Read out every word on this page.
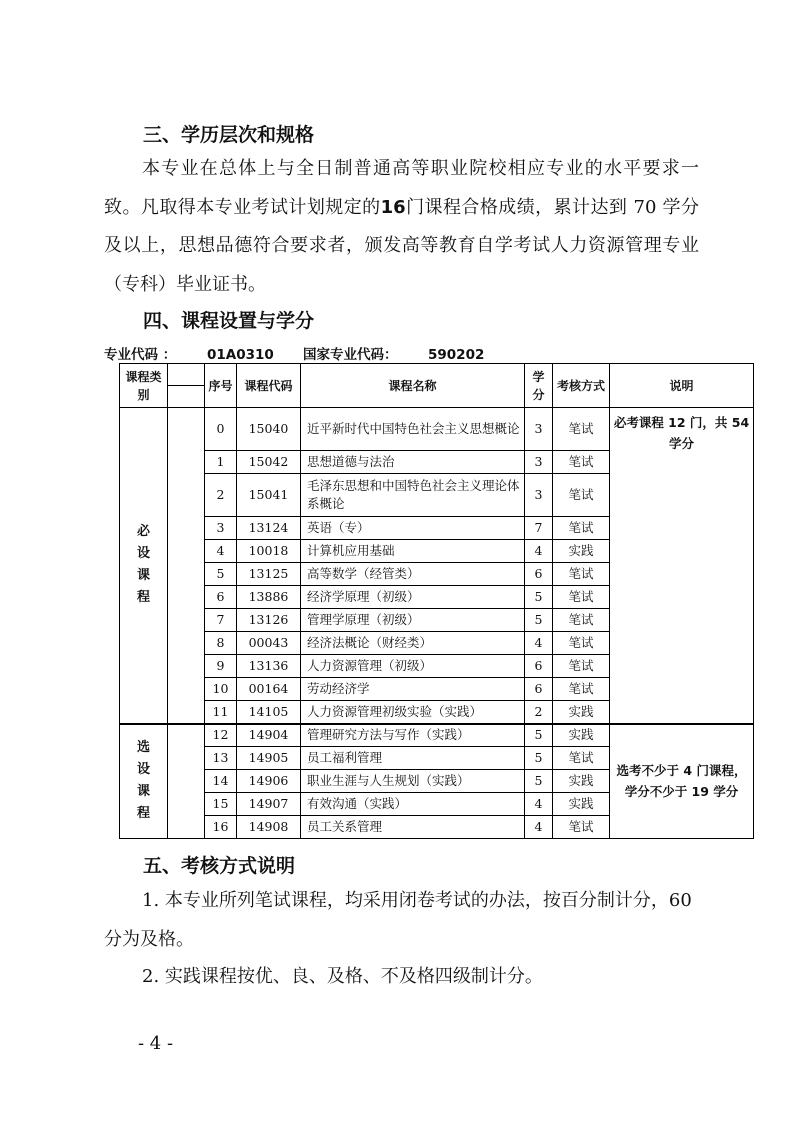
三、学历层次和规格

本专业在总体上与全日制普通高等职业院校相应专业的水平要求一致。凡取得本专业考试计划规定的16门课程合格成绩，累计达到 70 学分及以上，思想品德符合要求者，颁发高等教育自学考试人力资源管理专业（专科）毕业证书。

四、课程设置与学分
专业代码 ： 01A0310 国家专业代码： 590202
课程类别		序号	课程代码	课程名称	学分	考核方式	说明

必设课程		0	15040	近平新时代中国特色社会主义思想概论	3	笔试	必考课程 12 门，共 54 学分
		1	15042	思想道德与法治	3	笔试	
		2	15041	毛泽东思想和中国特色社会主义理论体系概论	3	笔试	
		3	13124	英语（专）	7	笔试	
		4	10018	计算机应用基础	4	实践	
		5	13125	高等数学（经管类）	6	笔试	
		6	13886	经济学原理（初级）	5	笔试	
		7	13126	管理学原理（初级）	5	笔试	
		8	00043	经济法概论（财经类）	4	笔试	
		9	13136	人力资源管理（初级）	6	笔试	
		10	00164	劳动经济学	6	笔试	
		11	14105	人力资源管理初级实验（实践）	2	实践	
选设课程		12	14904	管理研究方法与写作（实践）	5	实践	选考不少于 4 门课程，学分不少于 19 学分
		13	14905	员工福利管理	5	笔试	
		14	14906	职业生涯与人生规划（实践）	5	实践	
		15	14907	有效沟通（实践）	4	实践	
		16	14908	员工关系管理	4	笔试	
五、考核方式说明

1. 本专业所列笔试课程，均采用闭卷考试的办法，按百分制计分，60 分为及格。

2. 实践课程按优、良、及格、不及格四级制计分。

- 4 -
